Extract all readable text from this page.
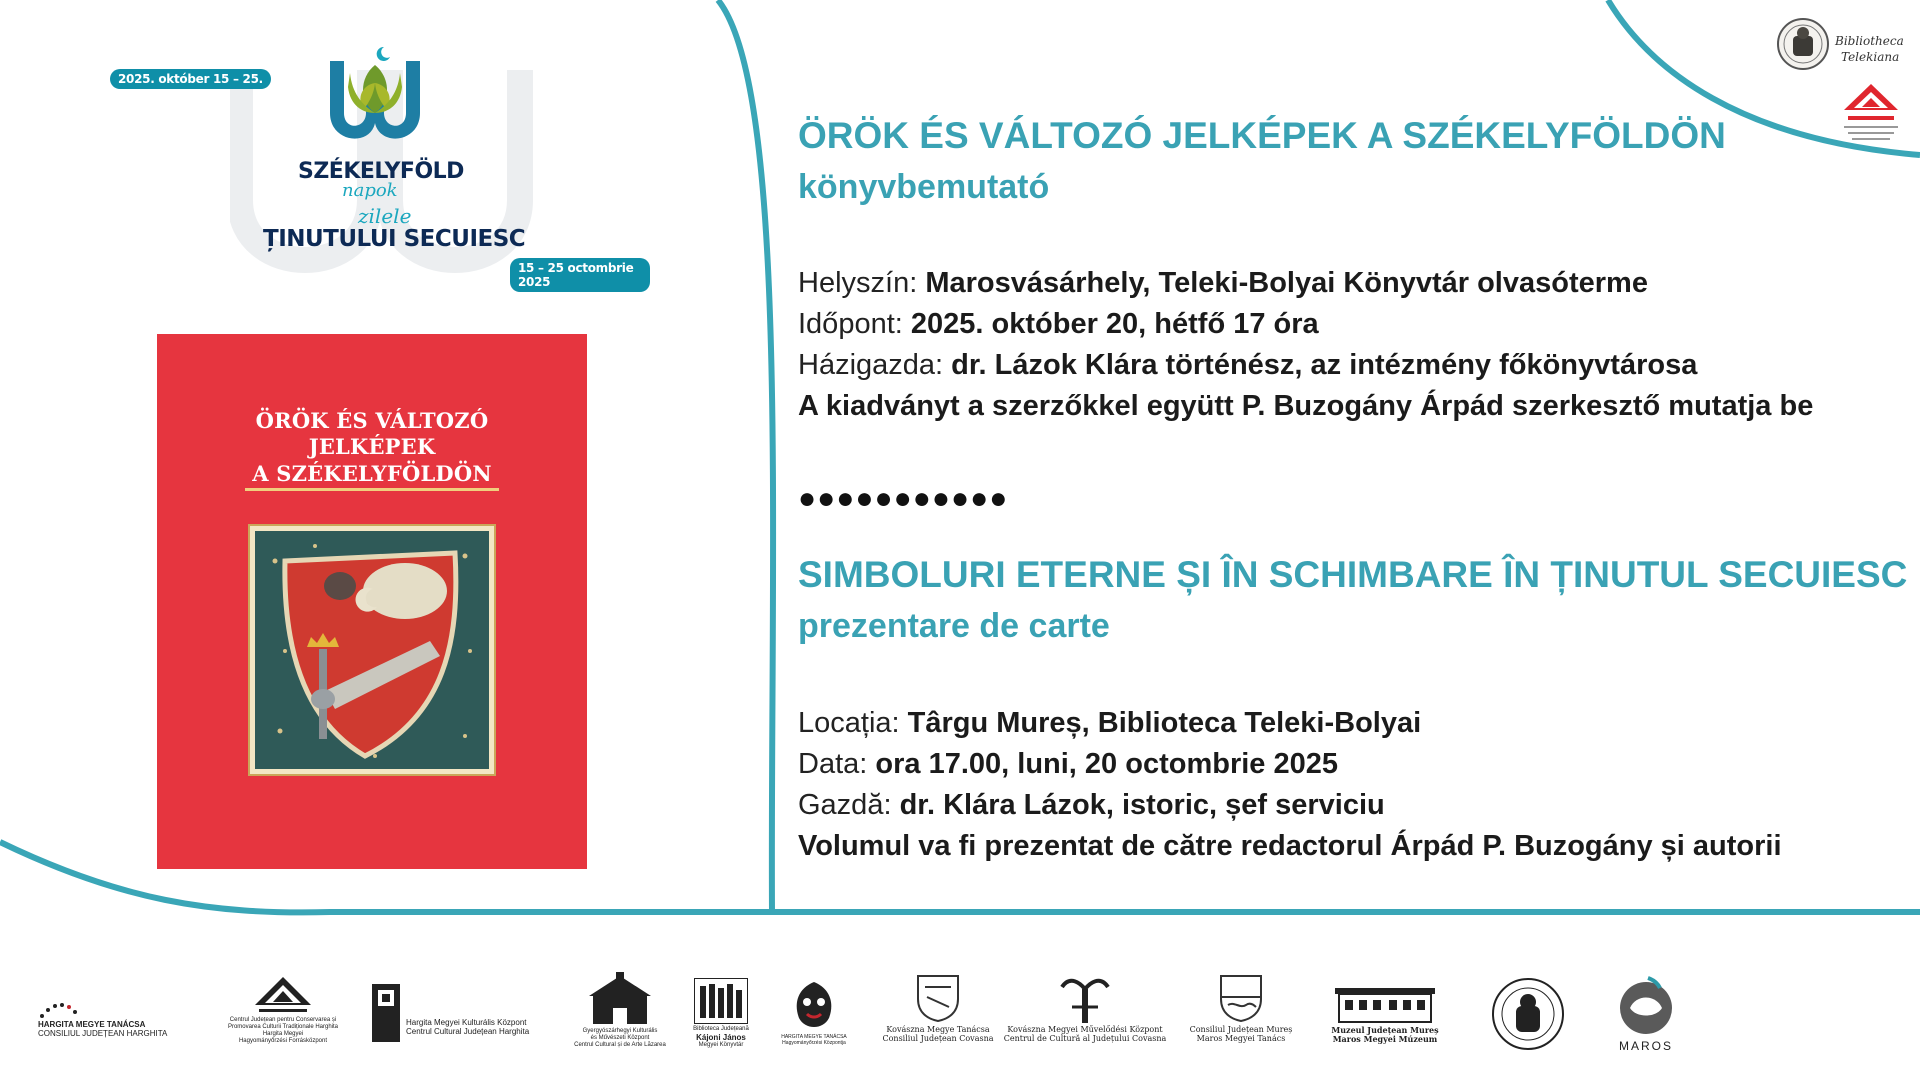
2025. október 15 – 25.
SZÉKELYFÖLD
napok
zilele
ȚINUTULUI SECUIESC
15 – 25 octombrie 2025
ÖRÖK ÉS VÁLTOZÓ
JELKÉPEK
A SZÉKELYFÖLDÖN
ÖRÖK ÉS VÁLTOZÓ JELKÉPEK A SZÉKELYFÖLDÖN
könyvbemutató
Helyszín: Marosvásárhely, Teleki-Bolyai Könyvtár olvasóterme
Időpont: 2025. október 20, hétfő 17 óra
Házigazda: dr. Lázok Klára történész, az intézmény főkönyvtárosa
A kiadványt a szerzőkkel együtt P. Buzogány Árpád szerkesztő mutatja be
●●●●●●●●●●●
SIMBOLURI ETERNE ȘI ÎN SCHIMBARE ÎN ȚINUTUL SECUIESC
prezentare de carte
Locația: Târgu Mureș, Biblioteca Teleki-Bolyai
Data: ora 17.00, luni, 20 octombrie 2025
Gazdă: dr. Klára Lázok, istoric, șef serviciu
Volumul va fi prezentat de către redactorul Árpád P. Buzogány și autorii
Bibliotheca
Telekiana
HARGITA MEGYE TANÁCSA
CONSILIUL JUDEȚEAN HARGHITA
Centrul Județean pentru Conservarea și
Promovarea Culturii Tradiționale Harghita
Hargita Megyei
Hagyományőrzési Forrásközpont
Hargita Megyei Kulturális Központ
Centrul Cultural Județean Harghita	Gyergyószárhegyi Kulturális
és Művészeti Központ
Centrul Cultural și de Arte Lăzarea
Biblioteca Județeană
Kájoni János
Megyei Könyvtár
HARGITA MEGYE TANÁCSA
Hagyományőrzési Központja
Kovászna Megye Tanácsa
Consiliul Județean Covasna
Kovászna Megyei Művelődési Központ
Centrul de Cultură al Județului Covasna
Consiliul Județean Mureș
Maros Megyei Tanács
Muzeul Județean Mureș
Maros Megyei Múzeum	MAROS
